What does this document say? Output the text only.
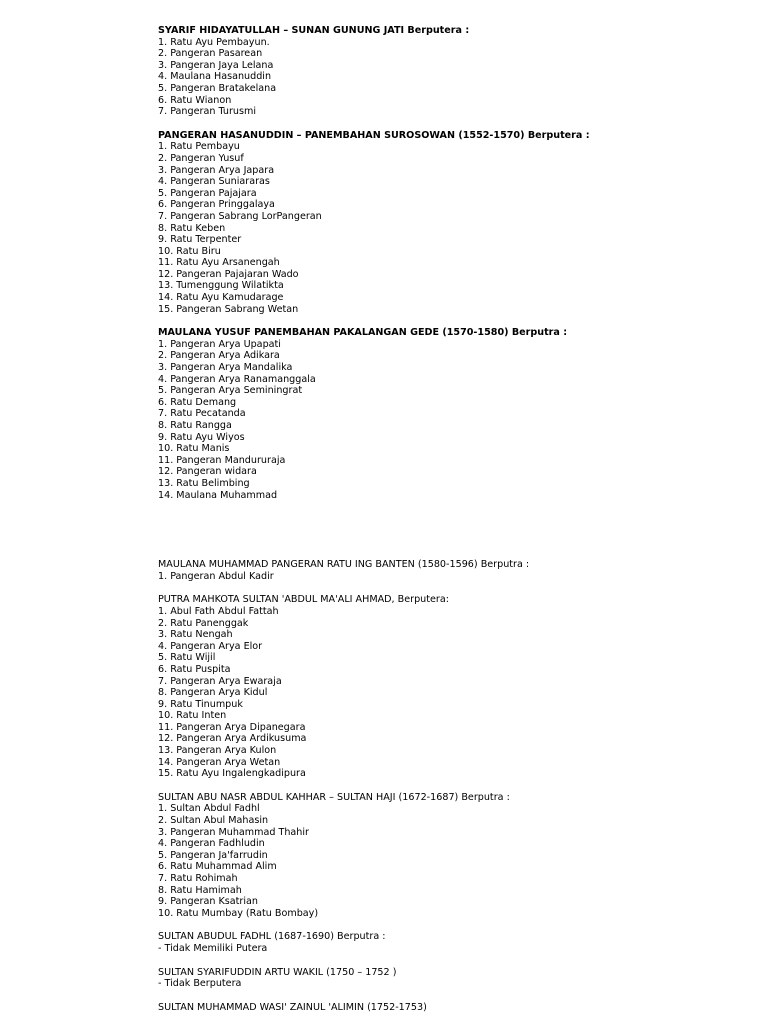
SYARIF HIDAYATULLAH – SUNAN GUNUNG JATI Berputera :
1. Ratu Ayu Pembayun.
2. Pangeran Pasarean
3. Pangeran Jaya Lelana
4. Maulana Hasanuddin
5. Pangeran Bratakelana
6. Ratu Wianon
7. Pangeran Turusmi
PANGERAN HASANUDDIN – PANEMBAHAN SUROSOWAN (1552-1570) Berputera :
1. Ratu Pembayu
2. Pangeran Yusuf
3. Pangeran Arya Japara
4. Pangeran Suniararas
5. Pangeran Pajajara
6. Pangeran Pringgalaya
7. Pangeran Sabrang LorPangeran
8. Ratu Keben
9. Ratu Terpenter
10. Ratu Biru
11. Ratu Ayu Arsanengah
12. Pangeran Pajajaran Wado
13. Tumenggung Wilatikta
14. Ratu Ayu Kamudarage
15. Pangeran Sabrang Wetan
MAULANA YUSUF PANEMBAHAN PAKALANGAN GEDE (1570-1580) Berputra :
1. Pangeran Arya Upapati
2. Pangeran Arya Adikara
3. Pangeran Arya Mandalika
4. Pangeran Arya Ranamanggala
5. Pangeran Arya Seminingrat
6. Ratu Demang
7. Ratu Pecatanda
8. Ratu Rangga
9. Ratu Ayu Wiyos
10. Ratu Manis
11. Pangeran Mandururaja
12. Pangeran widara
13. Ratu Belimbing
14. Maulana Muhammad
MAULANA MUHAMMAD PANGERAN RATU ING BANTEN (1580-1596) Berputra :
1. Pangeran Abdul Kadir
PUTRA MAHKOTA SULTAN 'ABDUL MA'ALI AHMAD, Berputera:
1. Abul Fath Abdul Fattah
2. Ratu Panenggak
3. Ratu Nengah
4. Pangeran Arya Elor
5. Ratu Wijil
6. Ratu Puspita
7. Pangeran Arya Ewaraja
8. Pangeran Arya Kidul
9. Ratu Tinumpuk
10. Ratu Inten
11. Pangeran Arya Dipanegara
12. Pangeran Arya Ardikusuma
13. Pangeran Arya Kulon
14. Pangeran Arya Wetan
15. Ratu Ayu Ingalengkadipura
SULTAN ABU NASR ABDUL KAHHAR – SULTAN HAJI (1672-1687) Berputra :
1. Sultan Abdul Fadhl
2. Sultan Abul Mahasin
3. Pangeran Muhammad Thahir
4. Pangeran Fadhludin
5. Pangeran Ja'farrudin
6. Ratu Muhammad Alim
7. Ratu Rohimah
8. Ratu Hamimah
9. Pangeran Ksatrian
10. Ratu Mumbay (Ratu Bombay)
SULTAN ABUDUL FADHL (1687-1690) Berputra :
- Tidak Memiliki Putera
SULTAN SYARIFUDDIN ARTU WAKIL (1750 – 1752 )
- Tidak Berputera
SULTAN MUHAMMAD WASI' ZAINUL 'ALIMIN (1752-1753)
